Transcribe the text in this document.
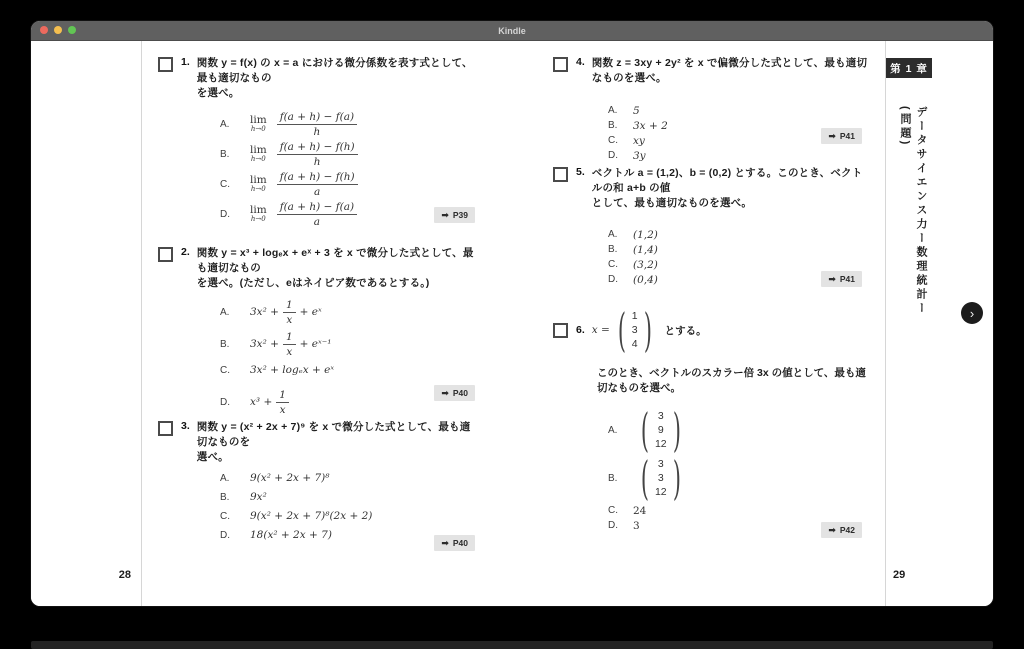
Kindle
1. 関数 y = f(x) の x = a における微分係数を表す式として、最も適切なもの
を選べ。
A.	lim
$h\to 0 \frac{f(a + h) - f(a)}{h}$
B.	lim
$h\to 0 \frac{f(a + h) - f(h)}{h}$
C.	lim
$h\to 0 \frac{f(a + h) - f(h)}{a}$
D.	lim
$h\to 0 \frac{f(a + h) - f(a)}{a}$	➡ P39
2. 関数 y = x³ + logₑx + eˣ + 3 を x で微分した式として、最も適切なもの
を選べ。(ただし、eはネイピア数であるとする。)
A.	$3x^2 + \frac{1}{x}$ + eˣ
B.	$3x^2 + \frac{1}{x}$ + eˣ⁻¹
C.	3x² + logₑx + eˣ
D.	$x^3 + \frac{1}{x}$	➡ P40
3. 関数 y = (x² + 2x + 7)⁹ を x で微分した式として、最も適切なものを
選べ。
A.	9(x² + 2x + 7)⁸
B.	9x²
C.	9(x² + 2x + 7)⁸(2x + 2)
D.	18(x² + 2x + 7)
➡ P40
4. 関数 z = 3xy + 2y² を x で偏微分した式として、最も適切なものを選べ。
A.	5
B.	3x + 2
C.	xy
D.	3y
➡ P41
5. ベクトル a = (1,2)、b = (0,2) とする。このとき、ベクトルの和 a+b の値
として、最も適切なものを選べ。
A.	(1,2)
B.	(1,4)
C.	(3,2)
D.	(0,4)	➡ P41
6. x = ( 1
3
4 ) とする。
このとき、ベクトルのスカラー倍 3x の値として、最も適切なものを選べ。
A. ( 3
9
12 )
B. ( 3
3
12 )
C.	24
D.	3	➡ P42
28	29
第 1 章
データサイエンス力ー数理統計ー(問題)
›
